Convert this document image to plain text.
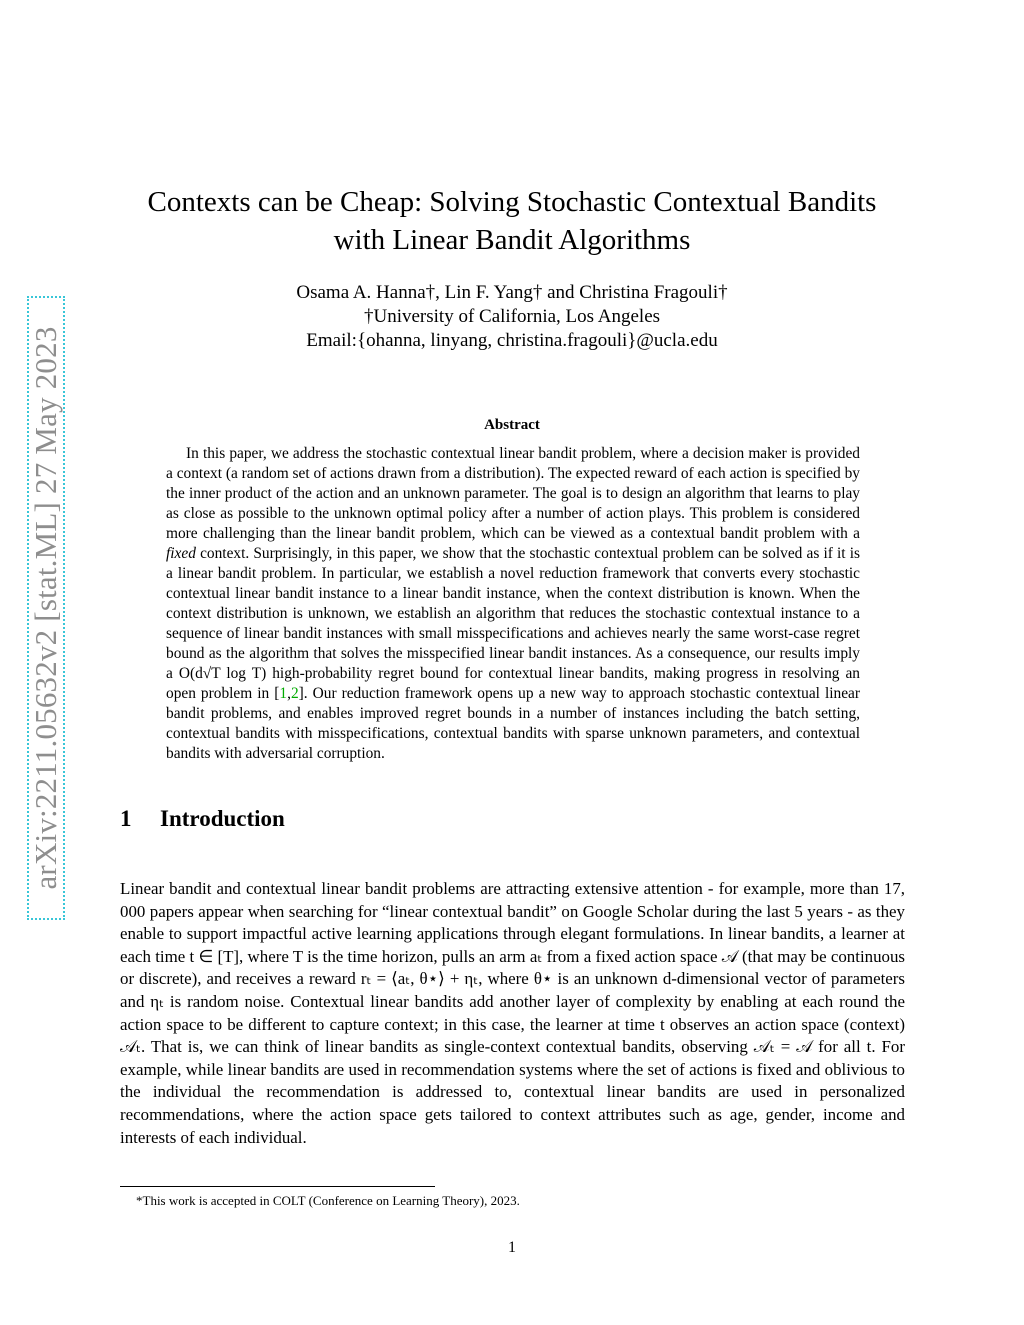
arXiv:2211.05632v2 [stat.ML] 27 May 2023
Contexts can be Cheap: Solving Stochastic Contextual Bandits
with Linear Bandit Algorithms
Osama A. Hanna†, Lin F. Yang† and Christina Fragouli†
†University of California, Los Angeles
Email:{ohanna, linyang, christina.fragouli}@ucla.edu
Abstract

In this paper, we address the stochastic contextual linear bandit problem, where a decision maker is provided a context (a random set of actions drawn from a distribution). The expected reward of each action is specified by the inner product of the action and an unknown parameter. The goal is to design an algorithm that learns to play as close as possible to the unknown optimal policy after a number of action plays. This problem is considered more challenging than the linear bandit problem, which can be viewed as a contextual bandit problem with a fixed context. Surprisingly, in this paper, we show that the stochastic contextual problem can be solved as if it is a linear bandit problem. In particular, we establish a novel reduction framework that converts every stochastic contextual linear bandit instance to a linear bandit instance, when the context distribution is known. When the context distribution is unknown, we establish an algorithm that reduces the stochastic contextual instance to a sequence of linear bandit instances with small misspecifications and achieves nearly the same worst-case regret bound as the algorithm that solves the misspecified linear bandit instances. As a consequence, our results imply a O(d√T log T) high-probability regret bound for contextual linear bandits, making progress in resolving an open problem in [1,2]. Our reduction framework opens up a new way to approach stochastic contextual linear bandit problems, and enables improved regret bounds in a number of instances including the batch setting, contextual bandits with misspecifications, contextual bandits with sparse unknown parameters, and contextual bandits with adversarial corruption.

1 Introduction

Linear bandit and contextual linear bandit problems are attracting extensive attention - for example, more than 17, 000 papers appear when searching for “linear contextual bandit” on Google Scholar during the last 5 years - as they enable to support impactful active learning applications through elegant formulations. In linear bandits, a learner at each time t ∈ [T], where T is the time horizon, pulls an arm aₜ from a fixed action space 𝒜 (that may be continuous or discrete), and receives a reward rₜ = ⟨aₜ, θ⋆⟩ + ηₜ, where θ⋆ is an unknown d-dimensional vector of parameters and ηₜ is random noise. Contextual linear bandits add another layer of complexity by enabling at each round the action space to be different to capture context; in this case, the learner at time t observes an action space (context) 𝒜ₜ. That is, we can think of linear bandits as single-context contextual bandits, observing 𝒜ₜ = 𝒜 for all t. For example, while linear bandits are used in recommendation systems where the set of actions is fixed and oblivious to the individual the recommendation is addressed to, contextual linear bandits are used in personalized recommendations, where the action space gets tailored to context attributes such as age, gender, income and interests of each individual.

*This work is accepted in COLT (Conference on Learning Theory), 2023.
1
